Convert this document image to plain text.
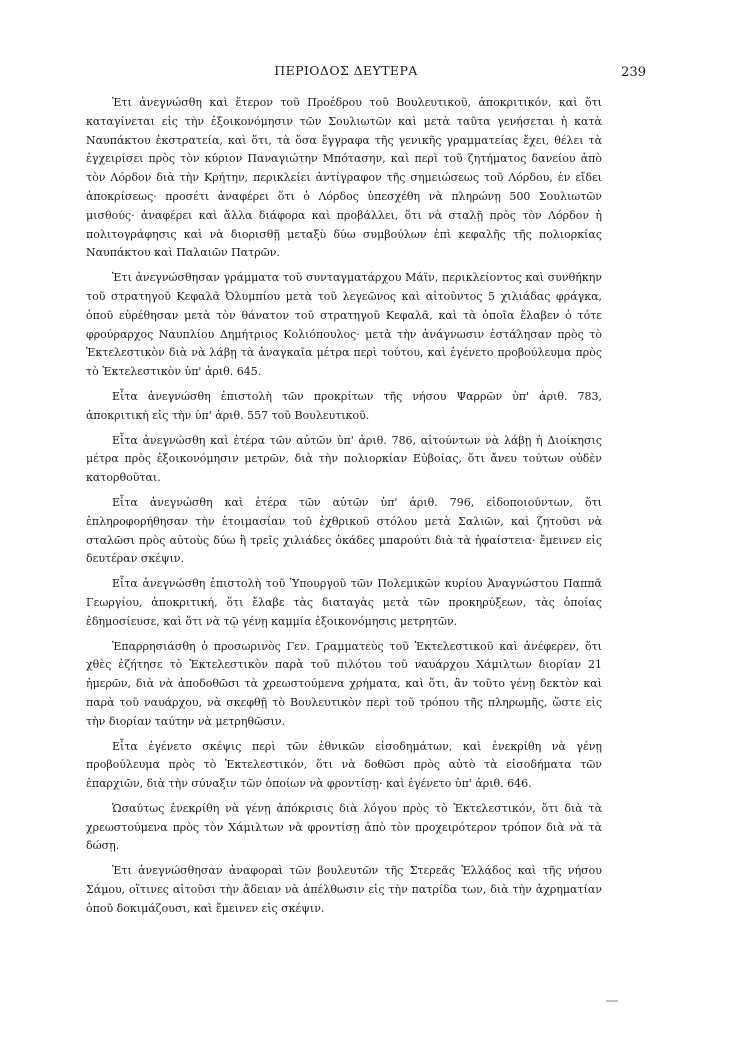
ΠΕΡΙΟΔΟΣ ΔΕΥΤΕΡΑ	239

Ἐτι ἀνεγνώσθη καὶ ἕτερον τοῦ Προέδρου τοῦ Βουλευτικοῦ, ἀποκριτικόν, καὶ ὅτι καταγίνεται εἰς τὴν ἐξοικονόμησιν τῶν Σουλιωτῶν καὶ μετὰ ταῦτα γενήσεται ἡ κατὰ Ναυπάκτου ἐκστρατεία, καὶ ὅτι, τὰ ὅσα ἔγγραφα τῆς γενικῆς γραμματείας ἔχει, θέλει τὰ ἐγχειρίσει πρὸς τὸν κύριον Παναγιώτην Μπότασην, καὶ περὶ τοῦ ζητήματος δανείου ἀπὸ τὸν Λόρδον διὰ τὴν Κρήτην, περικλείει ἀντίγραφον τῆς σημειώσεως τοῦ Λόρδου, ἐν εἴδει ἀποκρίσεως· προσέτι ἀναφέρει ὅτι ὁ Λόρδος ὑπεσχέθη νὰ πληρώνῃ 500 Σουλιωτῶν μισθούς· ἀναφέρει καὶ ἄλλα διάφορα καὶ προβάλλει, ὅτι νὰ σταλῇ πρὸς τὸν Λόρδον ἡ πολιτογράφησις καὶ νὰ διορισθῇ μεταξὺ δύω συμβούλων ἐπὶ κεφαλῆς τῆς πολιορκίας Ναυπάκτου καὶ Παλαιῶν Πατρῶν.

Ἐτι ἀνεγνώσθησαν γράμματα τοῦ συνταγματάρχου Μάϊν, περικλείοντος καὶ συνθήκην τοῦ στρατηγοῦ Κεφαλᾶ Ὀλυμπίου μετὰ τοῦ λεγεῶνος καὶ αἰτοῦντος 5 χιλιάδας φράγκα, ὁποῦ εὑρέθησαν μετὰ τὸν θάνατον τοῦ στρατηγοῦ Κεφαλᾶ, καὶ τὰ ὁποῖα ἔλαβεν ὁ τότε φρούραρχος Ναυπλίου Δημήτριος Κολιόπουλος· μετὰ τὴν ἀνάγνωσιν ἐστάλησαν πρὸς τὸ Ἐκτελεστικὸν διὰ νὰ λάβῃ τὰ ἀναγκαῖα μέτρα περὶ τούτου, καὶ ἐγένετο προβούλευμα πρὸς τὸ Ἐκτελεστικὸν ὑπ' ἀριθ. 645.

Εἶτα ἀνεγνώσθη ἐπιστολὴ τῶν προκρίτων τῆς νήσου Ψαρρῶν ὑπ' ἀριθ. 783, ἀποκριτικὴ εἰς τὴν ὑπ' ἀριθ. 557 τοῦ Βουλευτικοῦ.

Εἶτα ἀνεγνώσθη καὶ ἑτέρα τῶν αὐτῶν ὑπ' ἀριθ. 786, αἰτούντων νὰ λάβῃ ἡ Διοίκησις μέτρα πρὸς ἐξοικονόμησιν μετρῶν, διὰ τὴν πολιορκίαν Εὐβοίας, ὅτι ἄνευ τούτων οὐδὲν κατορθοῦται.

Εἶτα ἀνεγνώσθη καὶ ἑτέρα τῶν αὐτῶν ὑπ' ἀριθ. 796, εἰδοποιούντων, ὅτι ἐπληροφορήθησαν τὴν ἑτοιμασίαν τοῦ ἐχθρικοῦ στόλου μετὰ Σαλιῶν, καὶ ζητοῦσι νὰ σταλῶσι πρὸς αὐτοὺς δύω ἢ τρεῖς χιλιάδες ὀκάδες μπαρούτι διὰ τὰ ἡφαίστεια· ἔμεινεν εἰς δευτέραν σκέψιν.

Εἶτα ἀνεγνώσθη ἐπιστολὴ τοῦ Ὑπουργοῦ τῶν Πολεμικῶν κυρίου Ἀναγνώστου Παππᾶ Γεωργίου, ἀποκριτική, ὅτι ἔλαβε τὰς διαταγὰς μετὰ τῶν προκηρύξεων, τὰς ὁποίας ἐδημοσίευσε, καὶ ὅτι νὰ τῷ γένῃ καμμία ἐξοικονόμησις μετρητῶν.

Ἐπαρρησιάσθη ὁ προσωρινὸς Γεν. Γραμματεὺς τοῦ Ἐκτελεστικοῦ καὶ ἀνέφερεν, ὅτι χθὲς ἐζήτησε τὸ Ἐκτελεστικὸν παρὰ τοῦ πιλότου τοῦ ναυάρχου Χάμιλτων διορίαν 21 ἡμερῶν, διὰ νὰ ἀποδοθῶσι τὰ χρεωστούμενα χρήματα, καὶ ὅτι, ἂν τοῦτο γένῃ δεκτὸν καὶ παρὰ τοῦ ναυάρχου, νὰ σκεφθῇ τὸ Βουλευτικὸν περὶ τοῦ τρόπου τῆς πληρωμῆς, ὥστε εἰς τὴν διορίαν ταύτην νὰ μετρηθῶσιν.

Εἶτα ἐγένετο σκέψις περὶ τῶν ἐθνικῶν εἰσοδημάτων, καὶ ἐνεκρίθη νὰ γένῃ προβούλευμα πρὸς τὸ Ἐκτελεστικόν, ὅτι νὰ δοθῶσι πρὸς αὐτὸ τὰ εἰσοδήματα τῶν ἐπαρχιῶν, διὰ τὴν σύναξιν τῶν ὁποίων νὰ φροντίσῃ· καὶ ἐγένετο ὑπ' ἀριθ. 646.

Ὡσαύτως ἐνεκρίθη νὰ γένῃ ἀπόκρισις διὰ λόγου πρὸς τὸ Ἐκτελεστικόν, ὅτι διὰ τὰ χρεωστούμενα πρὸς τὸν Χάμιλτων νὰ φροντίσῃ ἀπὸ τὸν προχειρότερον τρόπον διὰ νὰ τὰ δώσῃ.

Ἐτι ἀνεγνώσθησαν ἀναφοραὶ τῶν βουλευτῶν τῆς Στερεᾶς Ἑλλάδος καὶ τῆς νήσου Σάμου, οἵτινες αἰτοῦσι τὴν ἄδειαν νὰ ἀπέλθωσιν εἰς τὴν πατρίδα των, διὰ τὴν ἀχρηματίαν ὁποῦ δοκιμάζουσι, καὶ ἔμεινεν εἰς σκέψιν.
